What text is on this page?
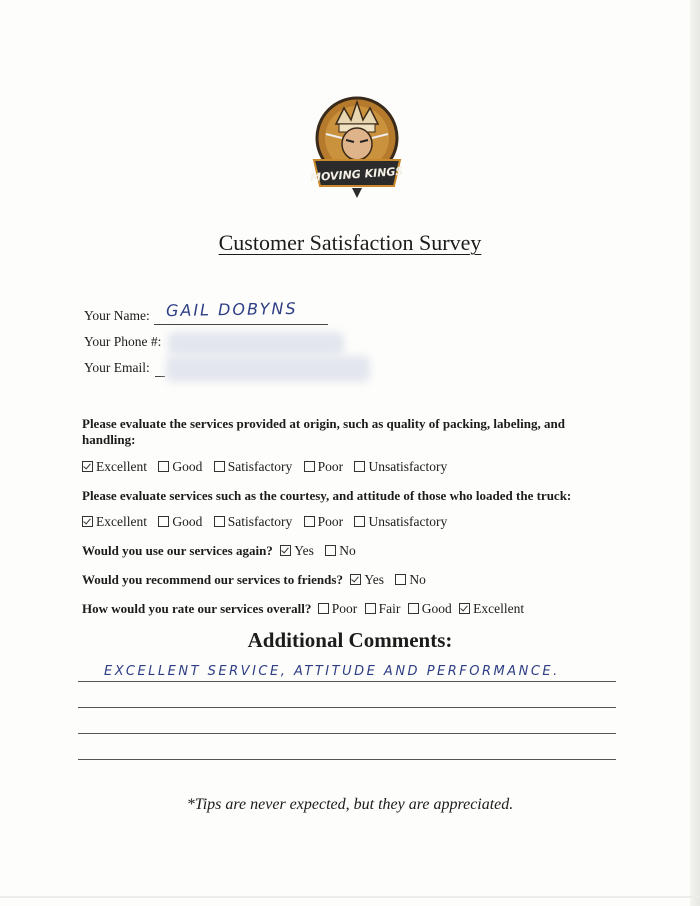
MOVING KINGS
Customer Satisfaction Survey
Your Name: GAIL DOBYNS
Your Phone #:
Your Email:
Please evaluate the services provided at origin, such as quality of packing, labeling, and
handling:
Excellent Good Satisfactory Poor Unsatisfactory
Please evaluate services such as the courtesy, and attitude of those who loaded the truck:
Excellent Good Satisfactory Poor Unsatisfactory
Would you use our services again? Yes No
Would you recommend our services to friends? Yes No
How would you rate our services overall? Poor Fair Good Excellent
Additional Comments:
EXCELLENT SERVICE, ATTITUDE AND PERFORMANCE.
*Tips are never expected, but they are appreciated.
